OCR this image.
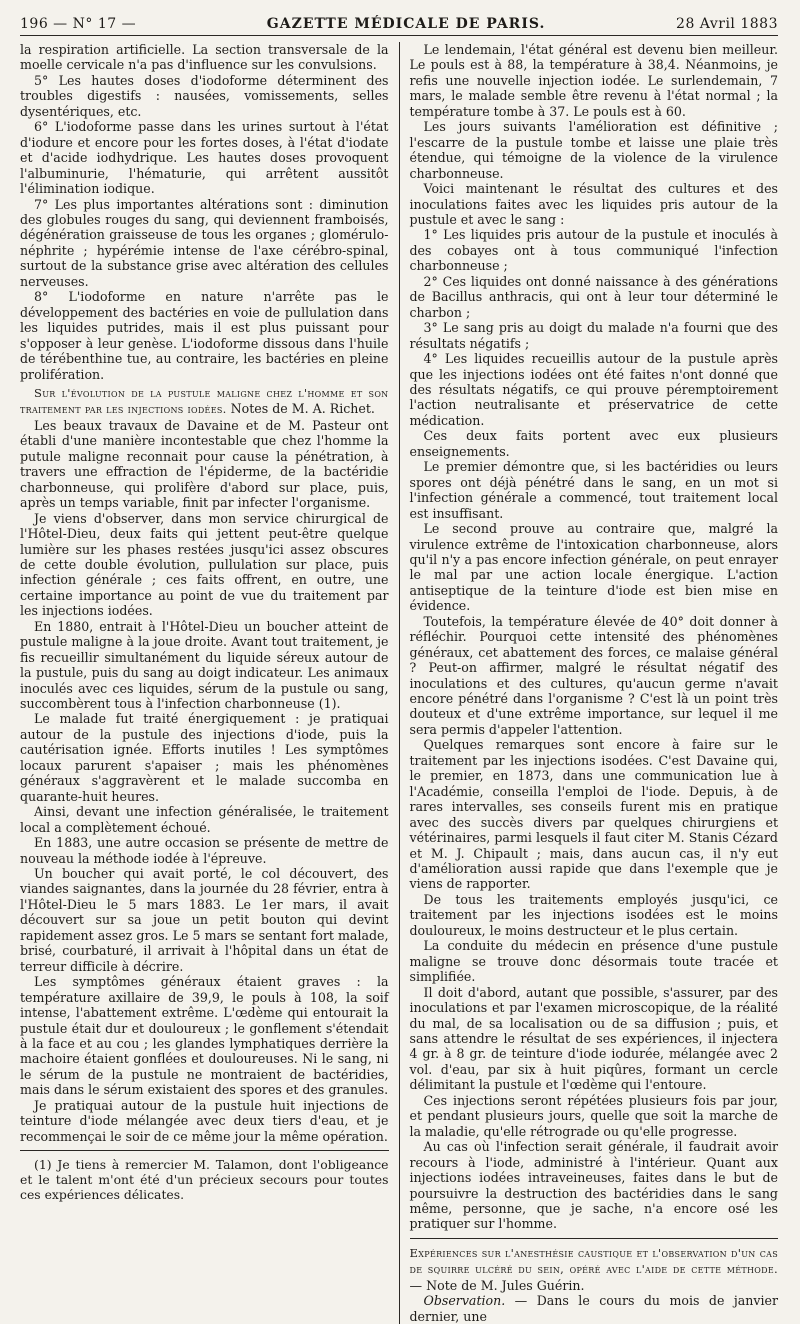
196 — N° 17 —	GAZETTE MÉDICALE DE PARIS.	28 Avril 1883

la respiration artificielle. La section transversale de la moelle cervicale n'a pas d'influence sur les convulsions.

5° Les hautes doses d'iodoforme déterminent des troubles digestifs : nausées, vomissements, selles dysentériques, etc.

6° L'iodoforme passe dans les urines surtout à l'état d'iodure et encore pour les fortes doses, à l'état d'iodate et d'acide iodhydrique. Les hautes doses provoquent l'albuminurie, l'hématurie, qui arrêtent aussitôt l'élimination iodique.

7° Les plus importantes altérations sont : diminution des globules rouges du sang, qui deviennent framboisés, dégénération graisseuse de tous les organes ; glomérulo-néphrite ; hypérémie intense de l'axe cérébro-spinal, surtout de la substance grise avec altération des cellules nerveuses.

8° L'iodoforme en nature n'arrête pas le développement des bactéries en voie de pullulation dans les liquides putrides, mais il est plus puissant pour s'opposer à leur genèse. L'iodoforme dissous dans l'huile de térébenthine tue, au contraire, les bactéries en pleine prolifération.

Sur l'évolution de la pustule maligne chez l'homme et son traitement par les injections iodées. Notes de M. A. Richet.

Les beaux travaux de Davaine et de M. Pasteur ont établi d'une manière incontestable que chez l'homme la putule maligne reconnait pour cause la pénétration, à travers une effraction de l'épiderme, de la bactéridie charbonneuse, qui prolifère d'abord sur place, puis, après un temps variable, finit par infecter l'organisme.

Je viens d'observer, dans mon service chirurgical de l'Hôtel-Dieu, deux faits qui jettent peut-être quelque lumière sur les phases restées jusqu'ici assez obscures de cette double évolution, pullulation sur place, puis infection générale ; ces faits offrent, en outre, une certaine importance au point de vue du traitement par les injections iodées.

En 1880, entrait à l'Hôtel-Dieu un boucher atteint de pustule maligne à la joue droite. Avant tout traitement, je fis recueillir simultanément du liquide séreux autour de la pustule, puis du sang au doigt indicateur. Les animaux inoculés avec ces liquides, sérum de la pustule ou sang, succombèrent tous à l'infection charbonneuse (1).

Le malade fut traité énergiquement : je pratiquai autour de la pustule des injections d'iode, puis la cautérisation ignée. Efforts inutiles ! Les symptômes locaux parurent s'apaiser ; mais les phénomènes généraux s'aggravèrent et le malade succomba en quarante-huit heures.

Ainsi, devant une infection généralisée, le traitement local a complètement échoué.

En 1883, une autre occasion se présente de mettre de nouveau la méthode iodée à l'épreuve.

Un boucher qui avait porté, le col découvert, des viandes saignantes, dans la journée du 28 février, entra à l'Hôtel-Dieu le 5 mars 1883. Le 1er mars, il avait découvert sur sa joue un petit bouton qui devint rapidement assez gros. Le 5 mars se sentant fort malade, brisé, courbaturé, il arrivait à l'hôpital dans un état de terreur difficile à décrire.

Les symptômes généraux étaient graves : la température axillaire de 39,9, le pouls à 108, la soif intense, l'abattement extrême. L'œdème qui entourait la pustule était dur et douloureux ; le gonflement s'étendait à la face et au cou ; les glandes lymphatiques derrière la machoire étaient gonflées et douloureuses. Ni le sang, ni le sérum de la pustule ne montraient de bactéridies, mais dans le sérum existaient des spores et des granules.

Je pratiquai autour de la pustule huit injections de teinture d'iode mélangée avec deux tiers d'eau, et je recommençai le soir de ce même jour la même opération.

(1) Je tiens à remercier M. Talamon, dont l'obligeance et le talent m'ont été d'un précieux secours pour toutes ces expériences délicates.

Le lendemain, l'état général est devenu bien meilleur. Le pouls est à 88, la température à 38,4. Néanmoins, je refis une nouvelle injection iodée. Le surlendemain, 7 mars, le malade semble être revenu à l'état normal ; la température tombe à 37. Le pouls est à 60.

Les jours suivants l'amélioration est définitive ; l'escarre de la pustule tombe et laisse une plaie très étendue, qui témoigne de la violence de la virulence charbonneuse.

Voici maintenant le résultat des cultures et des inoculations faites avec les liquides pris autour de la pustule et avec le sang :

1° Les liquides pris autour de la pustule et inoculés à des cobayes ont à tous communiqué l'infection charbonneuse ;

2° Ces liquides ont donné naissance à des générations de Bacillus anthracis, qui ont à leur tour déterminé le charbon ;

3° Le sang pris au doigt du malade n'a fourni que des résultats négatifs ;

4° Les liquides recueillis autour de la pustule après que les injections iodées ont été faites n'ont donné que des résultats négatifs, ce qui prouve péremptoirement l'action neutralisante et préservatrice de cette médication.

Ces deux faits portent avec eux plusieurs enseignements.

Le premier démontre que, si les bactéridies ou leurs spores ont déjà pénétré dans le sang, en un mot si l'infection générale a commencé, tout traitement local est insuffisant.

Le second prouve au contraire que, malgré la virulence extrême de l'intoxication charbonneuse, alors qu'il n'y a pas encore infection générale, on peut enrayer le mal par une action locale énergique. L'action antiseptique de la teinture d'iode est bien mise en évidence.

Toutefois, la température élevée de 40° doit donner à réfléchir. Pourquoi cette intensité des phénomènes généraux, cet abattement des forces, ce malaise général ? Peut-on affirmer, malgré le résultat négatif des inoculations et des cultures, qu'aucun germe n'avait encore pénétré dans l'organisme ? C'est là un point très douteux et d'une extrême importance, sur lequel il me sera permis d'appeler l'attention.

Quelques remarques sont encore à faire sur le traitement par les injections isodées. C'est Davaine qui, le premier, en 1873, dans une communication lue à l'Académie, conseilla l'emploi de l'iode. Depuis, à de rares intervalles, ses conseils furent mis en pratique avec des succès divers par quelques chirurgiens et vétérinaires, parmi lesquels il faut citer M. Stanis Cézard et M. J. Chipault ; mais, dans aucun cas, il n'y eut d'amélioration aussi rapide que dans l'exemple que je viens de rapporter.

De tous les traitements employés jusqu'ici, ce traitement par les injections isodées est le moins douloureux, le moins destructeur et le plus certain.

La conduite du médecin en présence d'une pustule maligne se trouve donc désormais toute tracée et simplifiée.

Il doit d'abord, autant que possible, s'assurer, par des inoculations et par l'examen microscopique, de la réalité du mal, de sa localisation ou de sa diffusion ; puis, et sans attendre le résultat de ses expériences, il injectera 4 gr. à 8 gr. de teinture d'iode iodurée, mélangée avec 2 vol. d'eau, par six à huit piqûres, formant un cercle délimitant la pustule et l'œdème qui l'entoure.

Ces injections seront répétées plusieurs fois par jour, et pendant plusieurs jours, quelle que soit la marche de la maladie, qu'elle rétrograde ou qu'elle progresse.

Au cas où l'infection serait générale, il faudrait avoir recours à l'iode, administré à l'intérieur. Quant aux injections iodées intraveineuses, faites dans le but de poursuivre la destruction des bactéridies dans le sang même, personne, que je sache, n'a encore osé les pratiquer sur l'homme.

Expériences sur l'anesthésie caustique et l'observation d'un cas de squirre ulcéré du sein, opéré avec l'aide de cette méthode. — Note de M. Jules Guérin.

Observation. — Dans le cours du mois de janvier dernier, une
